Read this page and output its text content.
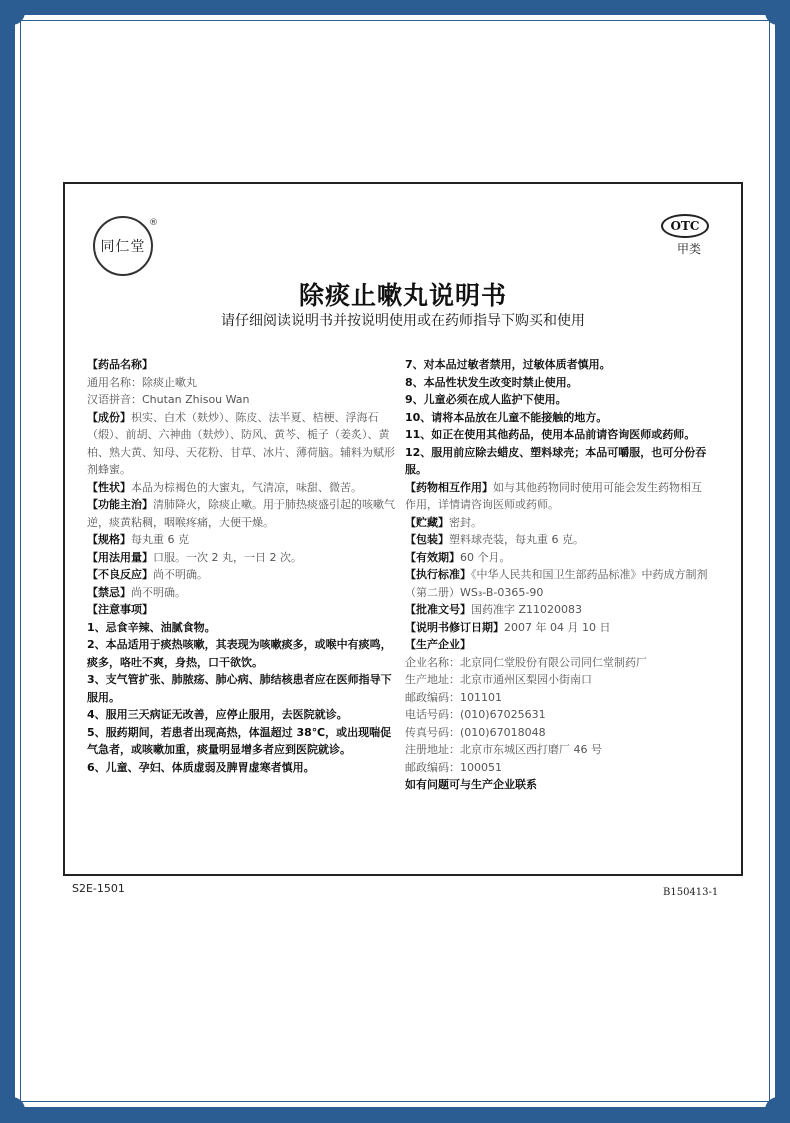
同仁堂
®	OTC
甲类
除痰止嗽丸说明书
请仔细阅读说明书并按说明使用或在药师指导下购买和使用

【药品名称】

通用名称：除痰止嗽丸

汉语拼音：Chutan Zhisou Wan

【成份】枳实、白术（麸炒）、陈皮、法半夏、桔梗、浮海石（煅）、前胡、六神曲（麸炒）、防风、黄芩、栀子（姜炙）、黄柏、熟大黄、知母、天花粉、甘草、冰片、薄荷脑。辅料为赋形剂蜂蜜。

【性状】本品为棕褐色的大蜜丸，气清凉，味甜、微苦。

【功能主治】清肺降火，除痰止嗽。用于肺热痰盛引起的咳嗽气逆，痰黄粘稠，咽喉疼痛，大便干燥。

【规格】每丸重 6 克

【用法用量】口服。一次 2 丸，一日 2 次。

【不良反应】尚不明确。

【禁忌】尚不明确。

【注意事项】

1、忌食辛辣、油腻食物。

2、本品适用于痰热咳嗽，其表现为咳嗽痰多，或喉中有痰鸣，痰多，咯吐不爽，身热，口干欲饮。

3、支气管扩张、肺脓疡、肺心病、肺结核患者应在医师指导下服用。

4、服用三天病证无改善，应停止服用，去医院就诊。

5、服药期间，若患者出现高热，体温超过 38℃，或出现喘促气急者，或咳嗽加重，痰量明显增多者应到医院就诊。

6、儿童、孕妇、体质虚弱及脾胃虚寒者慎用。

7、对本品过敏者禁用，过敏体质者慎用。

8、本品性状发生改变时禁止使用。

9、儿童必须在成人监护下使用。

10、请将本品放在儿童不能接触的地方。

11、如正在使用其他药品，使用本品前请咨询医师或药师。

12、服用前应除去蜡皮、塑料球壳；本品可嚼服，也可分份吞服。

【药物相互作用】如与其他药物同时使用可能会发生药物相互作用，详情请咨询医师或药师。

【贮藏】密封。

【包装】塑料球壳装，每丸重 6 克。

【有效期】60 个月。

【执行标准】《中华人民共和国卫生部药品标准》中药成方制剂（第二册）WS₃-B-0365-90

【批准文号】国药准字 Z11020083

【说明书修订日期】2007 年 04 月 10 日

【生产企业】

企业名称：北京同仁堂股份有限公司同仁堂制药厂

生产地址：北京市通州区梨园小街南口

邮政编码：101101

电话号码：(010)67025631

传真号码：(010)67018048

注册地址：北京市东城区西打磨厂 46 号

邮政编码：100051

如有问题可与生产企业联系

S2E-1501	B150413-1
